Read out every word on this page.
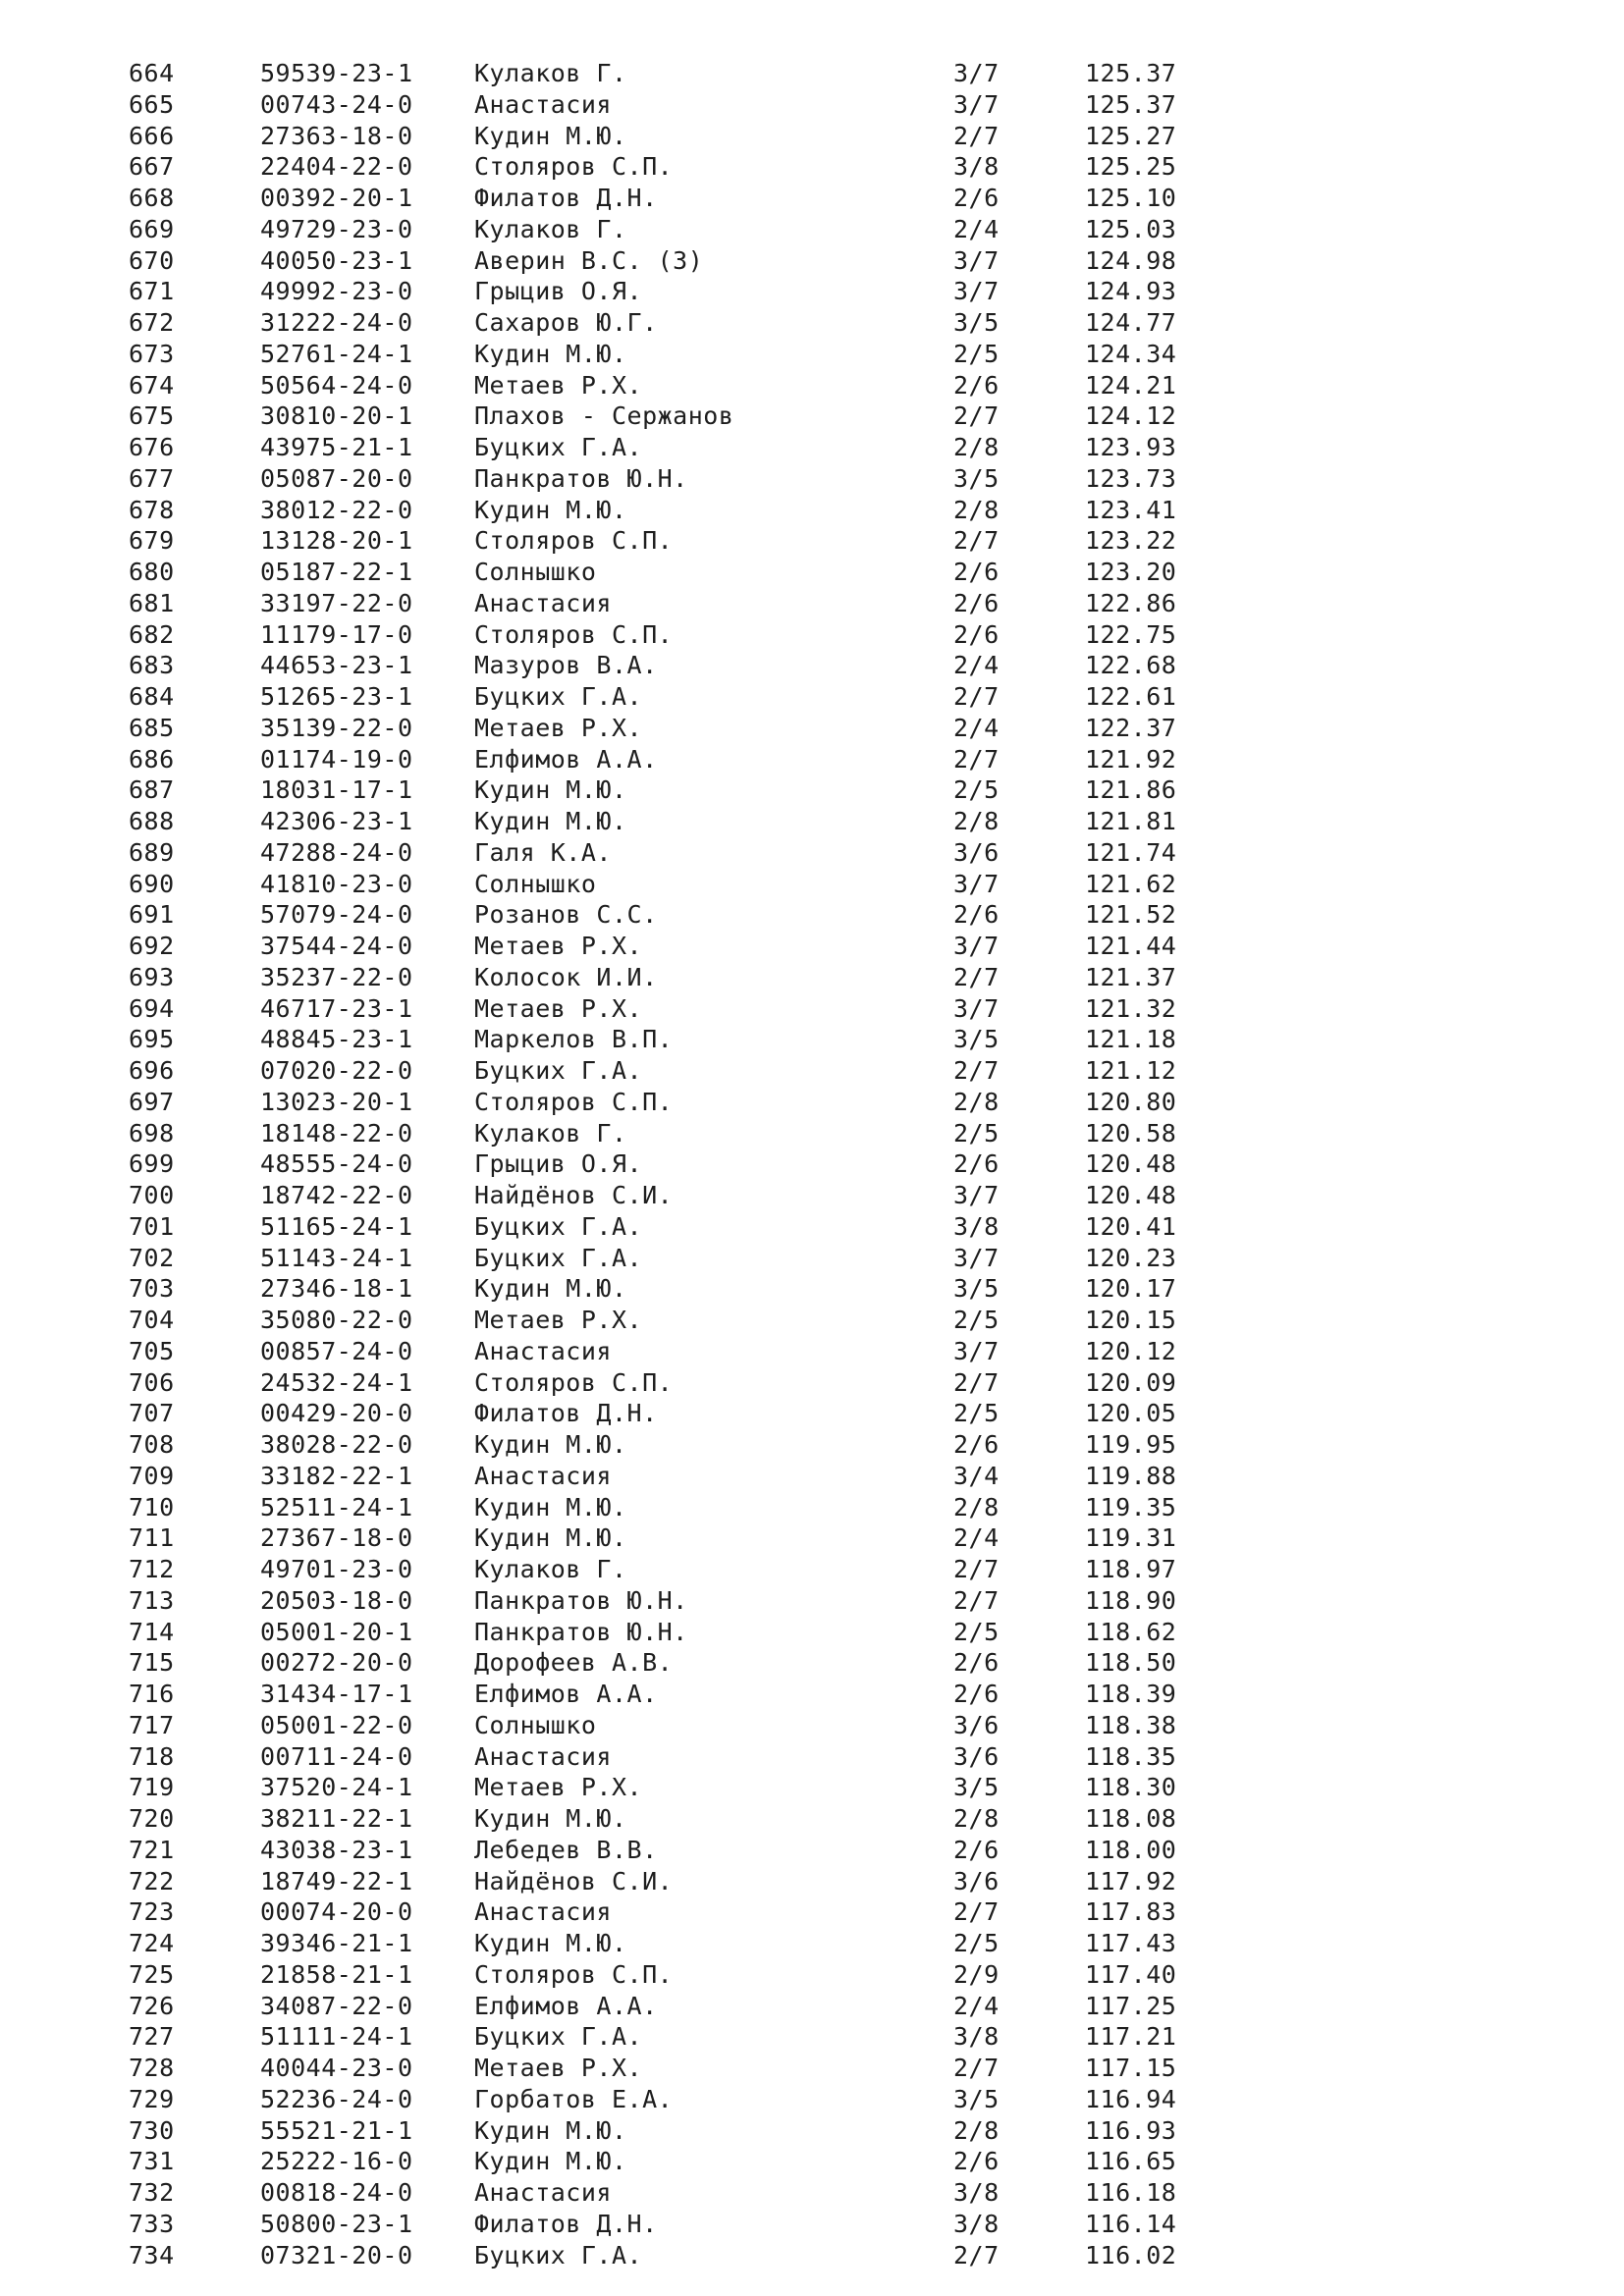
664	59539-23-1 Кулаков Г.	3/7	125.37
665	00743-24-0 Анастасия	3/7	125.37
666	27363-18-0 Кудин М.Ю.	2/7	125.27
667	22404-22-0 Столяров С.П.	3/8	125.25
668	00392-20-1 Филатов Д.Н.	2/6	125.10
669	49729-23-0 Кулаков Г.	2/4	125.03
670	40050-23-1 Аверин В.С. (З)	3/7	124.98
671	49992-23-0 Грыцив О.Я.	3/7	124.93
672	31222-24-0 Сахаров Ю.Г.	3/5	124.77
673	52761-24-1 Кудин М.Ю.	2/5	124.34
674	50564-24-0 Метаев Р.Х.	2/6	124.21
675	30810-20-1 Плахов - Сержанов	2/7	124.12
676	43975-21-1 Буцких Г.А.	2/8	123.93
677	05087-20-0 Панкратов Ю.Н.	3/5	123.73
678	38012-22-0 Кудин М.Ю.	2/8	123.41
679	13128-20-1 Столяров С.П.	2/7	123.22
680	05187-22-1 Солнышко	2/6	123.20
681	33197-22-0 Анастасия	2/6	122.86
682	11179-17-0 Столяров С.П.	2/6	122.75
683	44653-23-1 Мазуров В.А.	2/4	122.68
684	51265-23-1 Буцких Г.А.	2/7	122.61
685	35139-22-0 Метаев Р.Х.	2/4	122.37
686	01174-19-0 Елфимов А.А.	2/7	121.92
687	18031-17-1 Кудин М.Ю.	2/5	121.86
688	42306-23-1 Кудин М.Ю.	2/8	121.81
689	47288-24-0 Галя К.А.	3/6	121.74
690	41810-23-0 Солнышко	3/7	121.62
691	57079-24-0 Розанов С.С.	2/6	121.52
692	37544-24-0 Метаев Р.Х.	3/7	121.44
693	35237-22-0 Колосок И.И.	2/7	121.37
694	46717-23-1 Метаев Р.Х.	3/7	121.32
695	48845-23-1 Маркелов В.П.	3/5	121.18
696	07020-22-0 Буцких Г.А.	2/7	121.12
697	13023-20-1 Столяров С.П.	2/8	120.80
698	18148-22-0 Кулаков Г.	2/5	120.58
699	48555-24-0 Грыцив О.Я.	2/6	120.48
700	18742-22-0 Найдёнов С.И.	3/7	120.48
701	51165-24-1 Буцких Г.А.	3/8	120.41
702	51143-24-1 Буцких Г.А.	3/7	120.23
703	27346-18-1 Кудин М.Ю.	3/5	120.17
704	35080-22-0 Метаев Р.Х.	2/5	120.15
705	00857-24-0 Анастасия	3/7	120.12
706	24532-24-1 Столяров С.П.	2/7	120.09
707	00429-20-0 Филатов Д.Н.	2/5	120.05
708	38028-22-0 Кудин М.Ю.	2/6	119.95
709	33182-22-1 Анастасия	3/4	119.88
710	52511-24-1 Кудин М.Ю.	2/8	119.35
711	27367-18-0 Кудин М.Ю.	2/4	119.31
712	49701-23-0 Кулаков Г.	2/7	118.97
713	20503-18-0 Панкратов Ю.Н.	2/7	118.90
714	05001-20-1 Панкратов Ю.Н.	2/5	118.62
715	00272-20-0 Дорофеев А.В.	2/6	118.50
716	31434-17-1 Елфимов А.А.	2/6	118.39
717	05001-22-0 Солнышко	3/6	118.38
718	00711-24-0 Анастасия	3/6	118.35
719	37520-24-1 Метаев Р.Х.	3/5	118.30
720	38211-22-1 Кудин М.Ю.	2/8	118.08
721	43038-23-1 Лебедев В.В.	2/6	118.00
722	18749-22-1 Найдёнов С.И.	3/6	117.92
723	00074-20-0 Анастасия	2/7	117.83
724	39346-21-1 Кудин М.Ю.	2/5	117.43
725	21858-21-1 Столяров С.П.	2/9	117.40
726	34087-22-0 Елфимов А.А.	2/4	117.25
727	51111-24-1 Буцких Г.А.	3/8	117.21
728	40044-23-0 Метаев Р.Х.	2/7	117.15
729	52236-24-0 Горбатов Е.А.	3/5	116.94
730	55521-21-1 Кудин М.Ю.	2/8	116.93
731	25222-16-0 Кудин М.Ю.	2/6	116.65
732	00818-24-0 Анастасия	3/8	116.18
733	50800-23-1 Филатов Д.Н.	3/8	116.14
734	07321-20-0 Буцких Г.А.	2/7	116.02
